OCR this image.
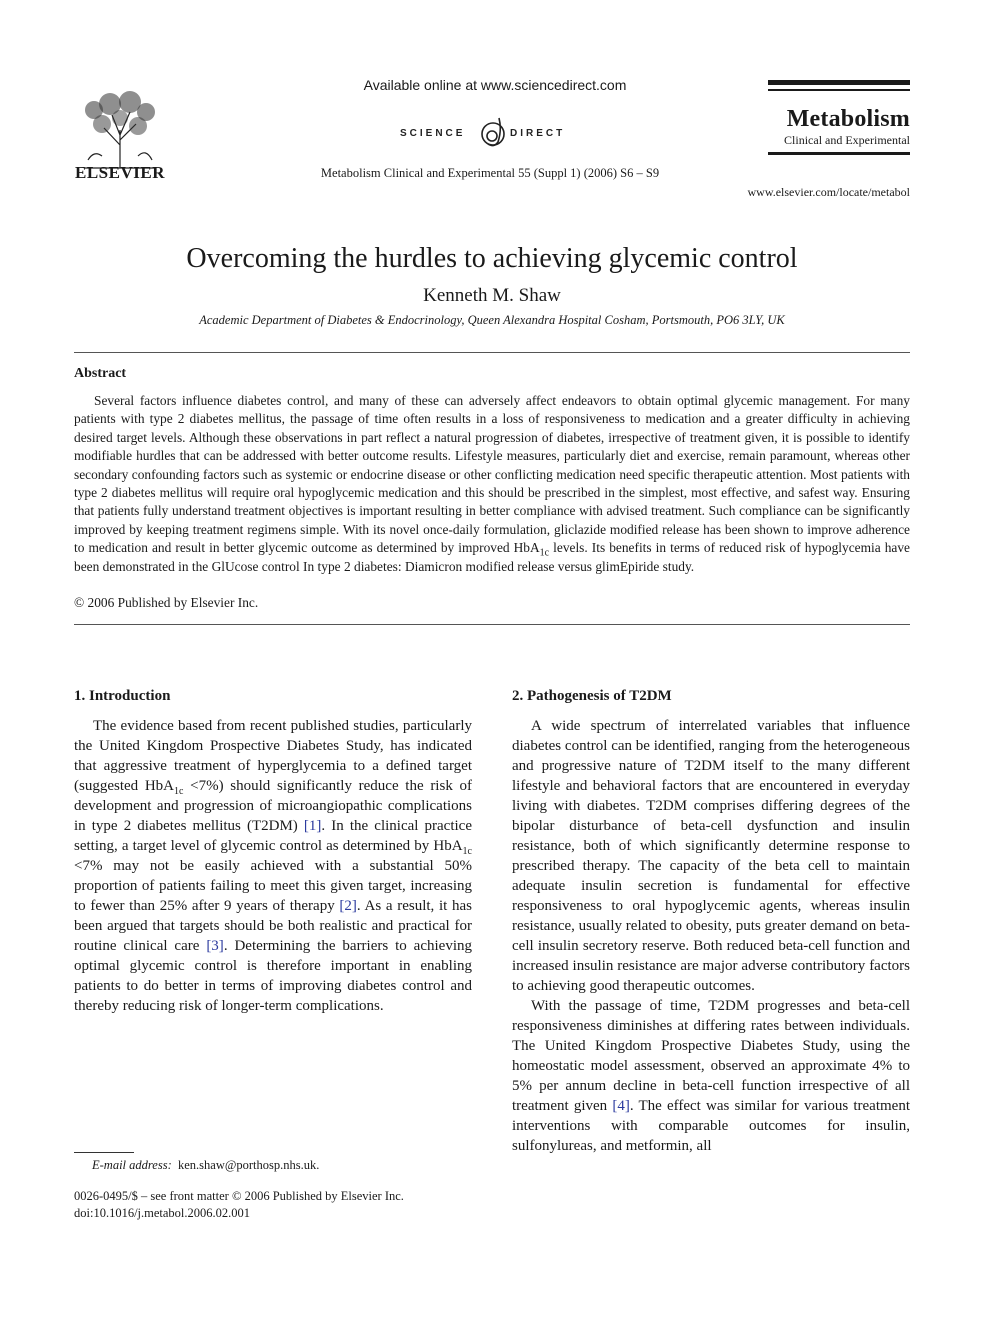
ELSEVIER
Available online at www.sciencedirect.com
SCIENCE	DIRECT
Metabolism Clinical and Experimental 55 (Suppl 1) (2006) S6 – S9
Metabolism
Clinical and Experimental
www.elsevier.com/locate/metabol
Overcoming the hurdles to achieving glycemic control
Kenneth M. Shaw
Academic Department of Diabetes & Endocrinology, Queen Alexandra Hospital Cosham, Portsmouth, PO6 3LY, UK
Abstract
Several factors influence diabetes control, and many of these can adversely affect endeavors to obtain optimal glycemic management. For many patients with type 2 diabetes mellitus, the passage of time often results in a loss of responsiveness to medication and a greater difficulty in achieving desired target levels. Although these observations in part reflect a natural progression of diabetes, irrespective of treatment given, it is possible to identify modifiable hurdles that can be addressed with better outcome results. Lifestyle measures, particularly diet and exercise, remain paramount, whereas other secondary confounding factors such as systemic or endocrine disease or other conflicting medication need specific therapeutic attention. Most patients with type 2 diabetes mellitus will require oral hypoglycemic medication and this should be prescribed in the simplest, most effective, and safest way. Ensuring that patients fully understand treatment objectives is important resulting in better compliance with advised treatment. Such compliance can be significantly improved by keeping treatment regimens simple. With its novel once-daily formulation, gliclazide modified release has been shown to improve adherence to medication and result in better glycemic outcome as determined by improved HbA$_{1c}$ levels. Its benefits in terms of reduced risk of hypoglycemia have been demonstrated in the GlUcose control In type 2 diabetes: Diamicron modified release versus glimEpiride study.
© 2006 Published by Elsevier Inc.
1. Introduction

The evidence based from recent published studies, particularly the United Kingdom Prospective Diabetes Study, has indicated that aggressive treatment of hyperglycemia to a defined target (suggested HbA$_{1c}$ <7%) should significantly reduce the risk of development and progression of microangiopathic complications in type 2 diabetes mellitus (T2DM) [1]. In the clinical practice setting, a target level of glycemic control as determined by HbA$_{1c}$ <7% may not be easily achieved with a substantial 50% proportion of patients failing to meet this given target, increasing to fewer than 25% after 9 years of therapy [2]. As a result, it has been argued that targets should be both realistic and practical for routine clinical care [3]. Determining the barriers to achieving optimal glycemic control is therefore important in enabling patients to do better in terms of improving diabetes control and thereby reducing risk of longer-term complications.

2. Pathogenesis of T2DM

A wide spectrum of interrelated variables that influence diabetes control can be identified, ranging from the heterogeneous and progressive nature of T2DM itself to the many different lifestyle and behavioral factors that are encountered in everyday living with diabetes. T2DM comprises differing degrees of the bipolar disturbance of beta-cell dysfunction and insulin resistance, both of which significantly determine response to prescribed therapy. The capacity of the beta cell to maintain adequate insulin secretion is fundamental for effective responsiveness to oral hypoglycemic agents, whereas insulin resistance, usually related to obesity, puts greater demand on beta-cell insulin secretory reserve. Both reduced beta-cell function and increased insulin resistance are major adverse contributory factors to achieving good therapeutic outcomes.

With the passage of time, T2DM progresses and beta-cell responsiveness diminishes at differing rates between individuals. The United Kingdom Prospective Diabetes Study, using the homeostatic model assessment, observed an approximate 4% to 5% per annum decline in beta-cell function irrespective of all treatment given [4]. The effect was similar for various treatment interventions with comparable outcomes for insulin, sulfonylureas, and metformin, all

E-mail address: ken.shaw@porthosp.nhs.uk.
0026-0495/$ – see front matter © 2006 Published by Elsevier Inc.
doi:10.1016/j.metabol.2006.02.001
